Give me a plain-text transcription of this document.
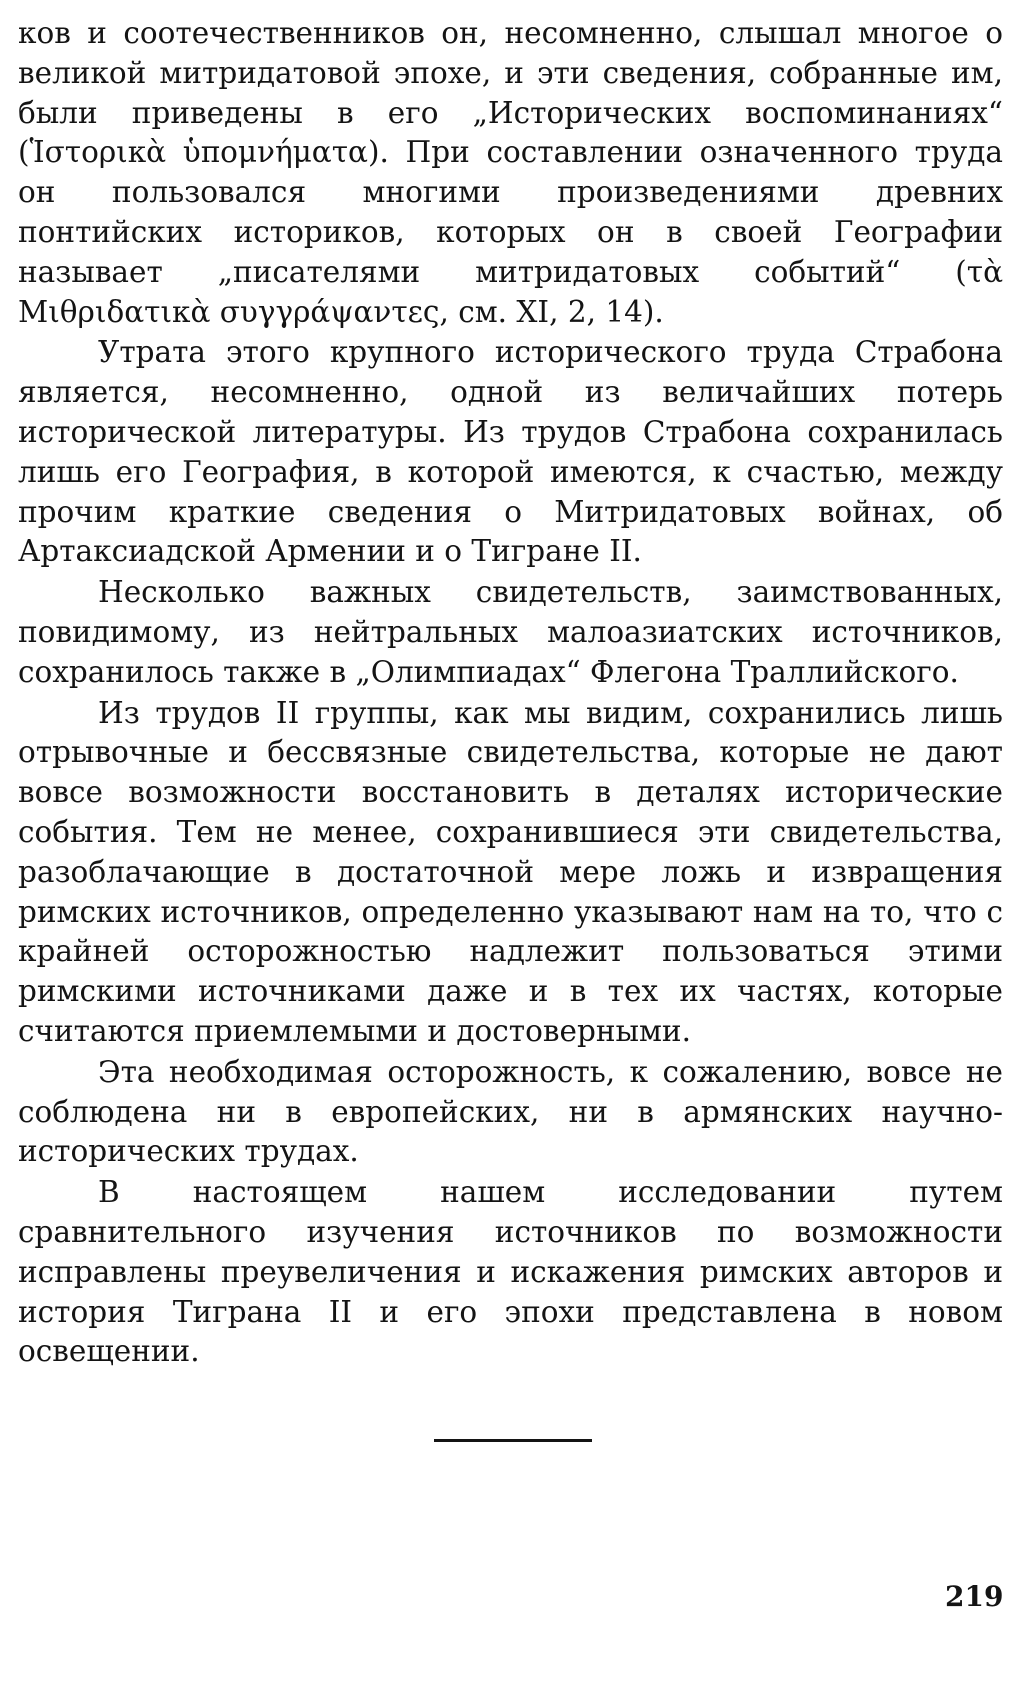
ков и соотечественников он, несомненно, слышал многое о великой митридатовой эпохе, и эти сведения, собранные им, были приведены в его „Исторических воспоминаниях“ (Ἱστορικὰ ὑπομνήματα). При составлении означенного труда он пользовался многими произведениями древних понтийских историков, которых он в своей Географии называет „писателями митридатовых событий“ (τὰ Μιθριδατικὰ συγγράψαντες, см. XI, 2, 14).

Утрата этого крупного исторического труда Страбона является, несомненно, одной из величайших потерь исторической литературы. Из трудов Страбона сохранилась лишь его География, в которой имеются, к счастью, между прочим краткие сведения о Митридатовых войнах, об Артаксиадской Армении и о Тигране II.

Несколько важных свидетельств, заимствованных, повидимому, из нейтральных малоазиатских источников, сохранилось также в „Олимпиадах“ Флегона Траллийского.

Из трудов II группы, как мы видим, сохранились лишь отрывочные и бессвязные свидетельства, которые не дают вовсе возможности восстановить в деталях исторические события. Тем не менее, сохранившиеся эти свидетельства, разоблачающие в достаточной мере ложь и извращения римских источников, определенно указывают нам на то, что с крайней осторожностью надлежит пользоваться этими римскими источниками даже и в тех их частях, которые считаются приемлемыми и достоверными.

Эта необходимая осторожность, к сожалению, вовсе не соблюдена ни в европейских, ни в армянских научно-исторических трудах.

В настоящем нашем исследовании путем сравнительного изучения источников по возможности исправлены преувеличения и искажения римских авторов и история Тиграна II и его эпохи представлена в новом освещении.

219
